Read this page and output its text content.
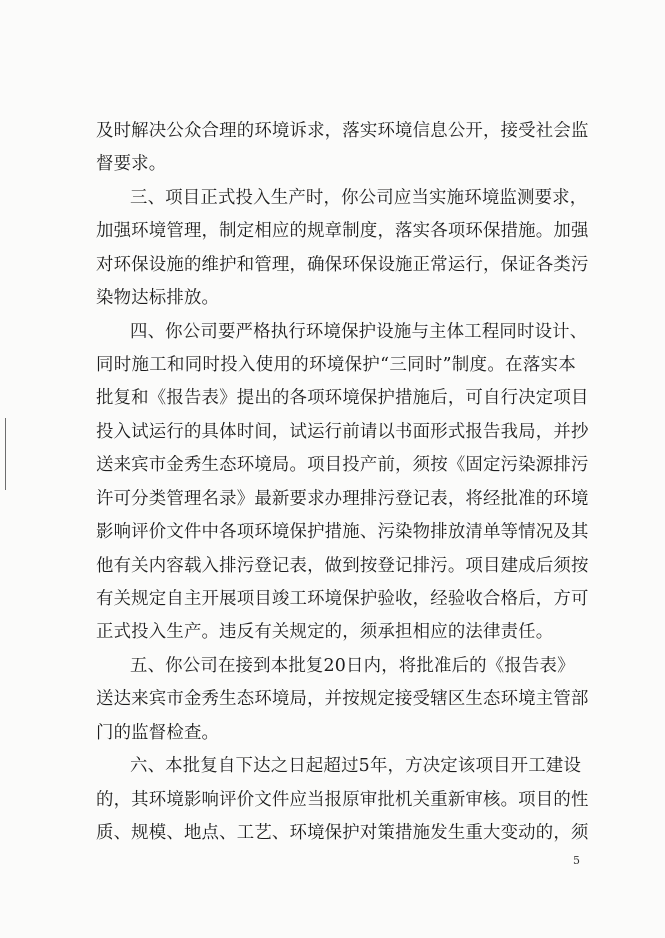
及时解决公众合理的环境诉求，落实环境信息公开，接受社会监
督要求。
三、项目正式投入生产时，你公司应当实施环境监测要求，
加强环境管理，制定相应的规章制度，落实各项环保措施。加强
对环保设施的维护和管理，确保环保设施正常运行，保证各类污
染物达标排放。
四、你公司要严格执行环境保护设施与主体工程同时设计、
同时施工和同时投入使用的环境保护“三同时”制度。在落实本
批复和《报告表》提出的各项环境保护措施后，可自行决定项目
投入试运行的具体时间，试运行前请以书面形式报告我局，并抄
送来宾市金秀生态环境局。项目投产前，须按《固定污染源排污
许可分类管理名录》最新要求办理排污登记表，将经批准的环境
影响评价文件中各项环境保护措施、污染物排放清单等情况及其
他有关内容载入排污登记表，做到按登记排污。项目建成后须按
有关规定自主开展项目竣工环境保护验收，经验收合格后，方可
正式投入生产。违反有关规定的，须承担相应的法律责任。
五、你公司在接到本批复20日内，将批准后的《报告表》
送达来宾市金秀生态环境局，并按规定接受辖区生态环境主管部
门的监督检查。
六、本批复自下达之日起超过5年，方决定该项目开工建设
的，其环境影响评价文件应当报原审批机关重新审核。项目的性
质、规模、地点、工艺、环境保护对策措施发生重大变动的，须
5
